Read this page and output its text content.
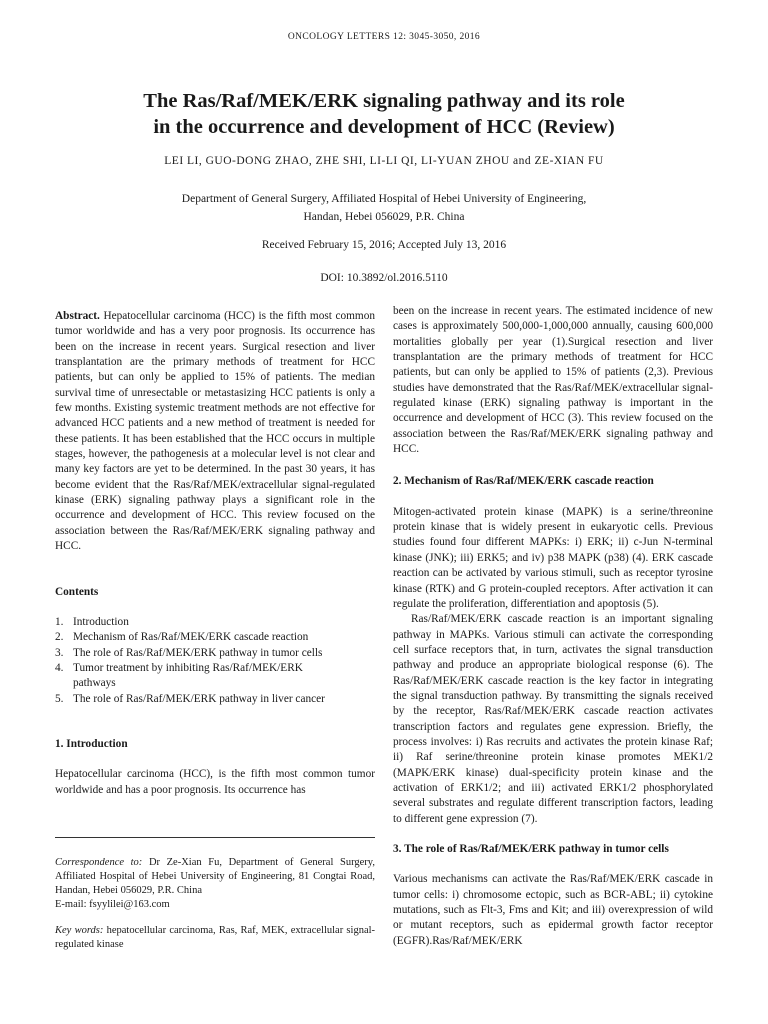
ONCOLOGY LETTERS 12: 3045-3050, 2016
The Ras/Raf/MEK/ERK signaling pathway and its role
in the occurrence and development of HCC (Review)
LEI LI, GUO-DONG ZHAO, ZHE SHI, LI-LI QI, LI-YUAN ZHOU and ZE-XIAN FU
Department of General Surgery, Affiliated Hospital of Hebei University of Engineering,
Handan, Hebei 056029, P.R. China
Received February 15, 2016; Accepted July 13, 2016
DOI: 10.3892/ol.2016.5110

Abstract. Hepatocellular carcinoma (HCC) is the fifth most common tumor worldwide and has a very poor prognosis. Its occurrence has been on the increase in recent years. Surgical resection and liver transplantation are the primary methods of treatment for HCC patients, but can only be applied to 15% of patients. The median survival time of unresectable or metastasizing HCC patients is only a few months. Existing systemic treatment methods are not effective for advanced HCC patients and a new method of treatment is needed for these patients. It has been established that the HCC occurs in multiple stages, however, the pathogenesis at a molecular level is not clear and many key factors are yet to be determined. In the past 30 years, it has become evident that the Ras/Raf/MEK/extracellular signal-regulated kinase (ERK) signaling pathway plays a significant role in the occurrence and development of HCC. This review focused on the association between the Ras/Raf/MEK/ERK signaling pathway and HCC.

Contents

1. Introduction
2. Mechanism of Ras/Raf/MEK/ERK cascade reaction
3. The role of Ras/Raf/MEK/ERK pathway in tumor cells
4. Tumor treatment by inhibiting Ras/Raf/MEK/ERK pathways
5. The role of Ras/Raf/MEK/ERK pathway in liver cancer

1. Introduction

Hepatocellular carcinoma (HCC), is the fifth most common tumor worldwide and has a poor prognosis. Its occurrence has

Correspondence to: Dr Ze-Xian Fu, Department of General Surgery, Affiliated Hospital of Hebei University of Engineering, 81 Congtai Road, Handan, Hebei 056029, P.R. China
E-mail: fsyylilei@163.com
Key words: hepatocellular carcinoma, Ras, Raf, MEK, extracellular signal-regulated kinase

been on the increase in recent years. The estimated incidence of new cases is approximately 500,000-1,000,000 annually, causing 600,000 mortalities globally per year (1).Surgical resection and liver transplantation are the primary methods of treatment for HCC patients, but can only be applied to 15% of patients (2,3). Previous studies have demonstrated that the Ras/Raf/MEK/extracellular signal-regulated kinase (ERK) signaling pathway is important in the occurrence and development of HCC (3). This review focused on the association between the Ras/Raf/MEK/ERK signaling pathway and HCC.

2. Mechanism of Ras/Raf/MEK/ERK cascade reaction

Mitogen-activated protein kinase (MAPK) is a serine/threonine protein kinase that is widely present in eukaryotic cells. Previous studies found four different MAPKs: i) ERK; ii) c-Jun N-terminal kinase (JNK); iii) ERK5; and iv) p38 MAPK (p38) (4). ERK cascade reaction can be activated by various stimuli, such as receptor tyrosine kinase (RTK) and G protein-coupled receptors. After activation it can regulate the proliferation, differentiation and apoptosis (5).

Ras/Raf/MEK/ERK cascade reaction is an important signaling pathway in MAPKs. Various stimuli can activate the corresponding cell surface receptors that, in turn, activates the signal transduction pathway and produce an appropriate biological response (6). The Ras/Raf/MEK/ERK cascade reaction is the key factor in integrating the signal transduction pathway. By transmitting the signals received by the receptor, Ras/Raf/MEK/ERK cascade reaction activates transcription factors and regulates gene expression. Briefly, the process involves: i) Ras recruits and activates the protein kinase Raf; ii) Raf serine/threonine protein kinase promotes MEK1/2 (MAPK/ERK kinase) dual-specificity protein kinase and the activation of ERK1/2; and iii) activated ERK1/2 phosphorylated several substrates and regulate different transcription factors, leading to different gene expression (7).

3. The role of Ras/Raf/MEK/ERK pathway in tumor cells

Various mechanisms can activate the Ras/Raf/MEK/ERK cascade in tumor cells: i) chromosome ectopic, such as BCR-ABL; ii) cytokine mutations, such as Flt-3, Fms and Kit; and iii) overexpression of wild or mutant receptors, such as epidermal growth factor receptor (EGFR).Ras/Raf/MEK/ERK
